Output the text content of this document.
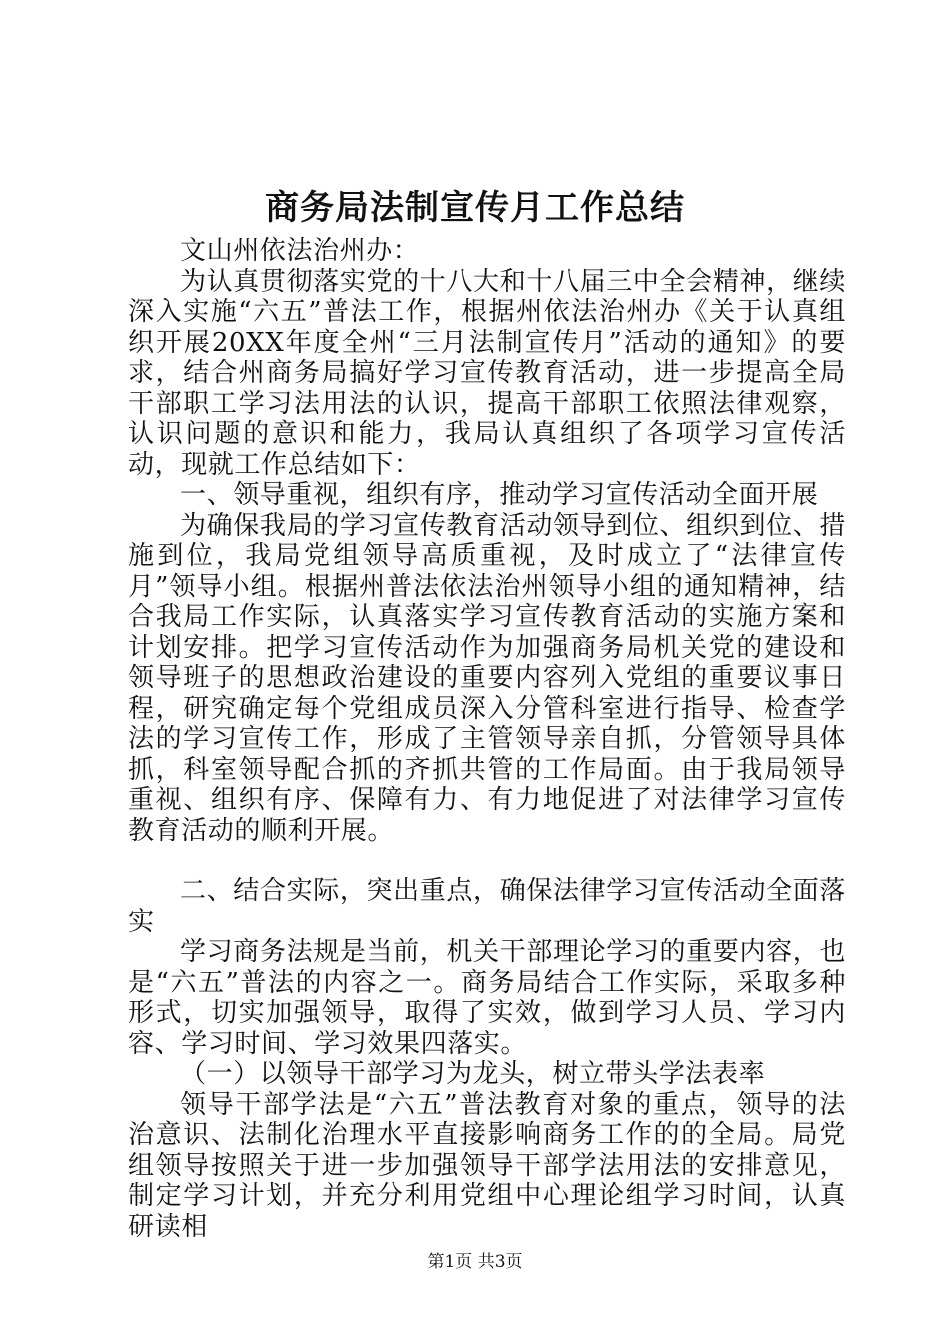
商务局法制宣传月工作总结

文山州依法治州办：

为认真贯彻落实党的十八大和十八届三中全会精神，继续深入实施“六五”普法工作，根据州依法治州办《关于认真组织开展20XX年度全州“三月法制宣传月”活动的通知》的要求，结合州商务局搞好学习宣传教育活动，进一步提高全局干部职工学习法用法的认识，提高干部职工依照法律观察，认识问题的意识和能力，我局认真组织了各项学习宣传活动，现就工作总结如下：

一、领导重视，组织有序，推动学习宣传活动全面开展

为确保我局的学习宣传教育活动领导到位、组织到位、措施到位，我局党组领导高质重视，及时成立了“法律宣传月”领导小组。根据州普法依法治州领导小组的通知精神，结合我局工作实际，认真落实学习宣传教育活动的实施方案和计划安排。把学习宣传活动作为加强商务局机关党的建设和领导班子的思想政治建设的重要内容列入党组的重要议事日程，研究确定每个党组成员深入分管科室进行指导、检查学法的学习宣传工作，形成了主管领导亲自抓，分管领导具体抓，科室领导配合抓的齐抓共管的工作局面。由于我局领导重视、组织有序、保障有力、有力地促进了对法律学习宣传教育活动的顺利开展。

二、结合实际，突出重点，确保法律学习宣传活动全面落实

学习商务法规是当前，机关干部理论学习的重要内容，也是“六五”普法的内容之一。商务局结合工作实际，采取多种形式，切实加强领导，取得了实效，做到学习人员、学习内容、学习时间、学习效果四落实。

（一）以领导干部学习为龙头，树立带头学法表率

领导干部学法是“六五”普法教育对象的重点，领导的法治意识、法制化治理水平直接影响商务工作的的全局。局党组领导按照关于进一步加强领导干部学法用法的安排意见，制定学习计划，并充分利用党组中心理论组学习时间，认真研读相

第1页 共3页
